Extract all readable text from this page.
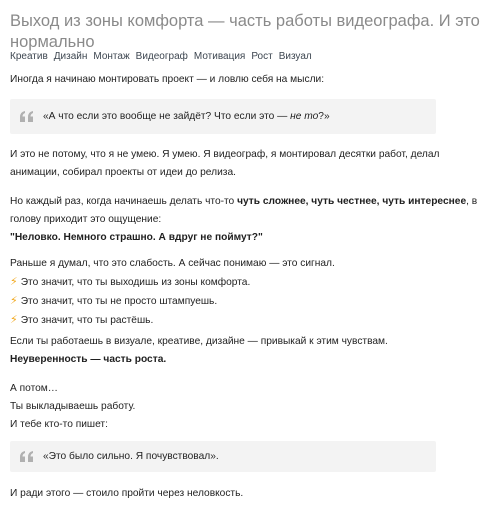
Выход из зоны комфорта — часть работы видеографа. И это
нормально
Креатив Дизайн Монтаж Видеограф Мотивация Рост Визуал

Иногда я начинаю монтировать проект — и ловлю себя на мысли:

«А что если это вообще не зайдёт? Что если это — не то?»

И это не потому, что я не умею. Я умею. Я видеограф, я монтировал десятки работ, делал
анимации, собирал проекты от идеи до релиза.

Но каждый раз, когда начинаешь делать что-то чуть сложнее, чуть честнее, чуть интереснее, в
голову приходит это ощущение:
"Неловко. Немного страшно. А вдруг не поймут?"

Раньше я думал, что это слабость. А сейчас понимаю — это сигнал.
⚡ Это значит, что ты выходишь из зоны комфорта.
⚡ Это значит, что ты не просто штампуешь.
⚡ Это значит, что ты растёшь.

Если ты работаешь в визуале, креативе, дизайне — привыкай к этим чувствам.
Неуверенность — часть роста.

А потом…
Ты выкладываешь работу.
И тебе кто-то пишет:

«Это было сильно. Я почувствовал».

И ради этого — стоило пройти через неловкость.
